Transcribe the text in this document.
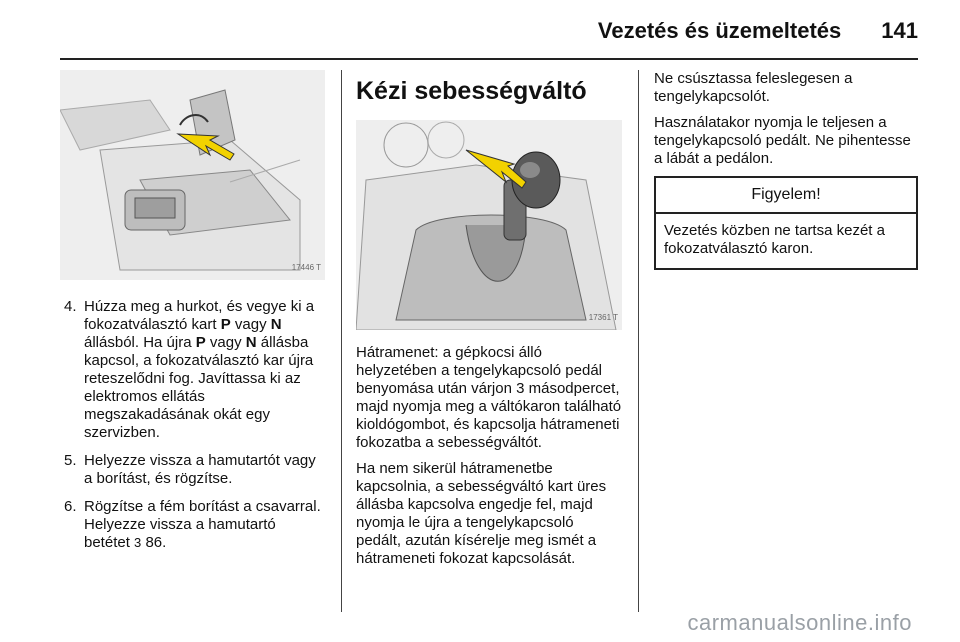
Vezetés és üzemeltetés 141
17446 T
4. Húzza meg a hurkot, és vegye ki a fokozatválasztó kart P vagy N állásból. Ha újra P vagy N állásba kapcsol, a fokozatválasztó kar újra reteszelődni fog. Javíttassa ki az elektromos ellátás megszakadásának okát egy szervizben.
5. Helyezze vissza a hamutartót vagy a borítást, és rögzítse.
6. Rögzítse a fém borítást a csavarral. Helyezze vissza a hamutartó betétet 3 86.
Kézi sebességváltó
17361 T

Hátramenet: a gépkocsi álló helyzetében a tengelykapcsoló pedál benyomása után várjon 3 másodpercet, majd nyomja meg a váltókaron található kioldógombot, és kapcsolja hátrameneti fokozatba a sebességváltót.

Ha nem sikerül hátramenetbe kapcsolnia, a sebességváltó kart üres állásba kapcsolva engedje fel, majd nyomja le újra a tengelykapcsoló pedált, azután kísérelje meg ismét a hátrameneti fokozat kapcsolását.

Ne csúsztassa feleslegesen a tengelykapcsolót.

Használatakor nyomja le teljesen a tengelykapcsoló pedált. Ne pihentesse a lábát a pedálon.

Figyelem!
Vezetés közben ne tartsa kezét a fokozatválasztó karon.
carmanualsonline.info
